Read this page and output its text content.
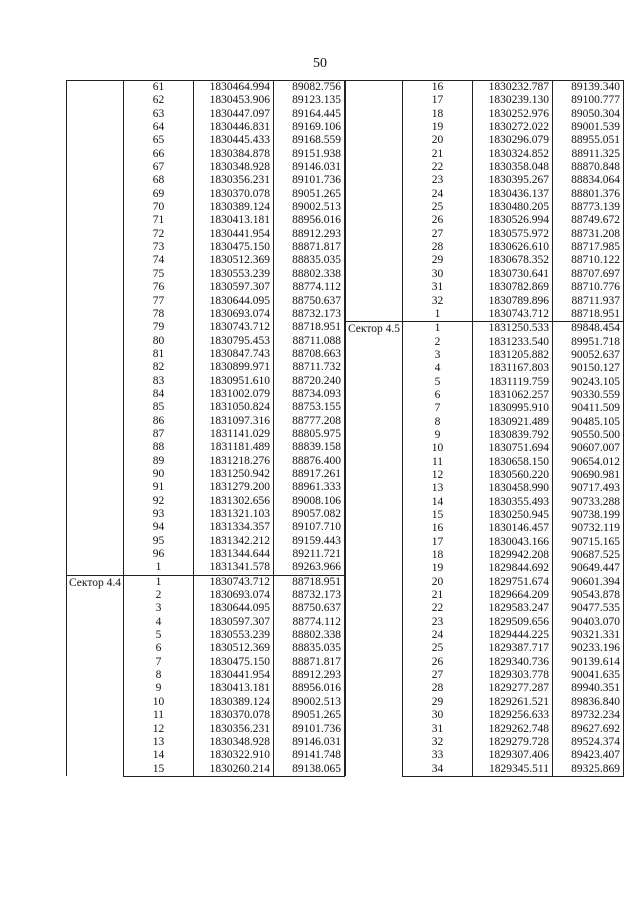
50
	61	1830464.994	89082.756
	62	1830453.906	89123.135
	63	1830447.097	89164.445
	64	1830446.831	89169.106
	65	1830445.433	89168.559
	66	1830384.878	89151.938
	67	1830348.928	89146.031
	68	1830356.231	89101.736
	69	1830370.078	89051.265
	70	1830389.124	89002.513
	71	1830413.181	88956.016
	72	1830441.954	88912.293
	73	1830475.150	88871.817
	74	1830512.369	88835.035
	75	1830553.239	88802.338
	76	1830597.307	88774.112
	77	1830644.095	88750.637
	78	1830693.074	88732.173
	79	1830743.712	88718.951
	80	1830795.453	88711.088
	81	1830847.743	88708.663
	82	1830899.971	88711.732
	83	1830951.610	88720.240
	84	1831002.079	88734.093
	85	1831050.824	88753.155
	86	1831097.316	88777.208
	87	1831141.029	88805.975
	88	1831181.489	88839.158
	89	1831218.276	88876.400
	90	1831250.942	88917.261
	91	1831279.200	88961.333
	92	1831302.656	89008.106
	93	1831321.103	89057.082
	94	1831334.357	89107.710
	95	1831342.212	89159.443
	96	1831344.644	89211.721
	1	1831341.578	89263.966
Сектор 4.4	1	1830743.712	88718.951
	2	1830693.074	88732.173
	3	1830644.095	88750.637
	4	1830597.307	88774.112
	5	1830553.239	88802.338
	6	1830512.369	88835.035
	7	1830475.150	88871.817
	8	1830441.954	88912.293
	9	1830413.181	88956.016
	10	1830389.124	89002.513
	11	1830370.078	89051.265
	12	1830356.231	89101.736
	13	1830348.928	89146.031
	14	1830322.910	89141.748
	15	1830260.214	89138.065
	16	1830232.787	89139.340
	17	1830239.130	89100.777
	18	1830252.976	89050.304
	19	1830272.022	89001.539
	20	1830296.079	88955.051
	21	1830324.852	88911.325
	22	1830358.048	88870.848
	23	1830395.267	88834.064
	24	1830436.137	88801.376
	25	1830480.205	88773.139
	26	1830526.994	88749.672
	27	1830575.972	88731.208
	28	1830626.610	88717.985
	29	1830678.352	88710.122
	30	1830730.641	88707.697
	31	1830782.869	88710.776
	32	1830789.896	88711.937
	1	1830743.712	88718.951
Сектор 4.5	1	1831250.533	89848.454
	2	1831233.540	89951.718
	3	1831205.882	90052.637
	4	1831167.803	90150.127
	5	1831119.759	90243.105
	6	1831062.257	90330.559
	7	1830995.910	90411.509
	8	1830921.489	90485.105
	9	1830839.792	90550.500
	10	1830751.694	90607.007
	11	1830658.150	90654.012
	12	1830560.220	90690.981
	13	1830458.990	90717.493
	14	1830355.493	90733.288
	15	1830250.945	90738.199
	16	1830146.457	90732.119
	17	1830043.166	90715.165
	18	1829942.208	90687.525
	19	1829844.692	90649.447
	20	1829751.674	90601.394
	21	1829664.209	90543.878
	22	1829583.247	90477.535
	23	1829509.656	90403.070
	24	1829444.225	90321.331
	25	1829387.717	90233.196
	26	1829340.736	90139.614
	27	1829303.778	90041.635
	28	1829277.287	89940.351
	29	1829261.521	89836.840
	30	1829256.633	89732.234
	31	1829262.748	89627.692
	32	1829279.728	89524.374
	33	1829307.406	89423.407
	34	1829345.511	89325.869
